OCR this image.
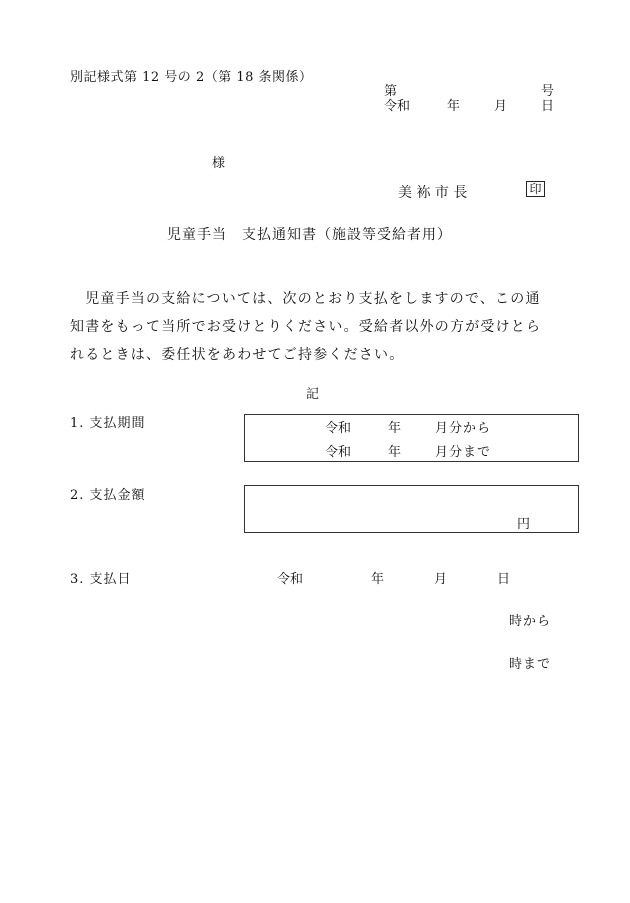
別記様式第 12 号の 2（第 18 条関係）
第	号
令和	年	月	日
様
美 袮 市 長	印
児童手当　支払通知書（施設等受給者用）
　児童手当の支給については、次のとおり支払をしますので、この通
知書をもって当所でお受けとりください。受給者以外の方が受けとら
れるときは、委任状をあわせてご持参ください。
記
1. 支払期間	令和	年	月分から
令和	年	月分まで
2. 支払金額
円
3. 支払日	令和	年	月	日
時から
時まで
